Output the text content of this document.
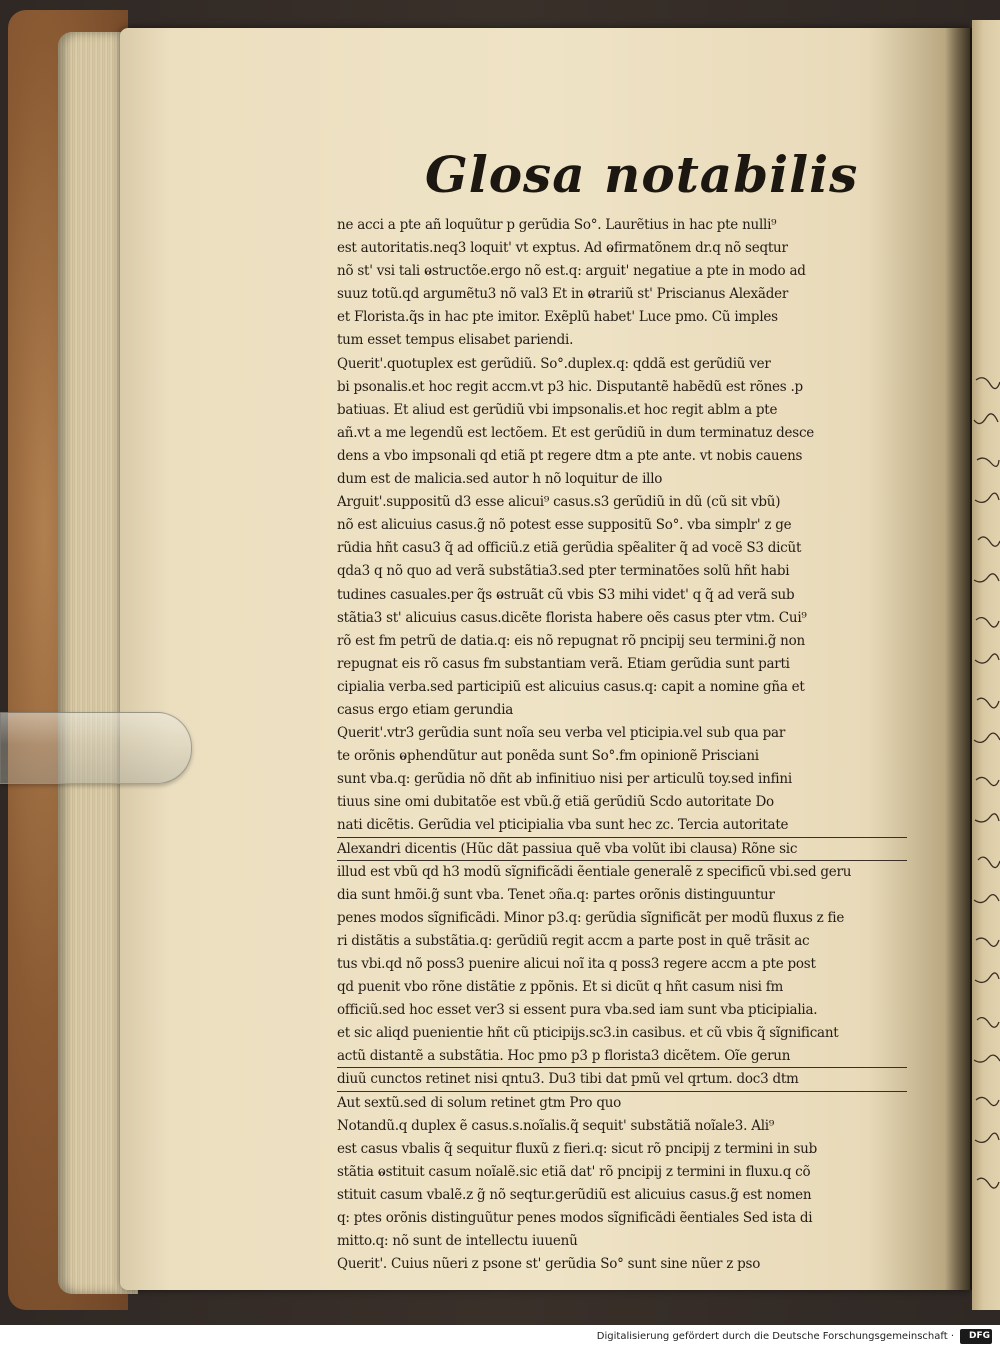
Glosa notabilis
ne acci a pte añ loquũtur p gerũdia So°. Laurẽtius in hac pte nulli⁹
est autoritatis.neq3 loquit' vt exptus. Ad ⱺfirmatõnem dr.q nõ seqtur
nõ st' vsi tali ⱺstructõe.ergo nõ est.q: arguit' negatiue a pte in modo ad
suuz totũ.qd argumẽtu3 nõ val3 Et in ⱺtrariũ st' Priscianus Alexãder
et Florista.q̃s in hac pte imitor. Exẽplũ habet' Luce pmo. Cũ imples
tum esset tempus elisabet pariendi.
Querit'.quotuplex est gerũdiũ. So°.duplex.q: qddã est gerũdiũ ver
bi psonalis.et hoc regit accm.vt p3 hic. Disputantẽ habẽdũ est rõnes .p
batiuas. Et aliud est gerũdiũ vbi impsonalis.et hoc regit ablm a pte
añ.vt a me legendũ est lectõem. Et est gerũdiũ in dum terminatuz desce
dens a vbo impsonali qd etiã pt regere dtm a pte ante. vt nobis cauens
dum est de malicia.sed autor h nõ loquitur de illo
Arguit'.suppositũ d3 esse alicui⁹ casus.s3 gerũdiũ in dũ (cũ sit vbũ)
nõ est alicuius casus.g̃ nõ potest esse suppositũ So°. vba simplr' z ge
rũdia hñt casu3 q̃ ad officiũ.z etiã gerũdia spẽaliter q̃ ad vocẽ S3 dicũt
qda3 q nõ quo ad verã substãtia3.sed pter terminatões solũ hñt habi
tudines casuales.per q̃s ⱺstruãt cũ vbis S3 mihi videt' q q̃ ad verã sub
stãtia3 st' alicuius casus.dicẽte florista habere oẽs casus pter vtm. Cui⁹
rõ est fm petrũ de datia.q: eis nõ repugnat rõ pncipij seu termini.g̃ non
repugnat eis rõ casus fm substantiam verã. Etiam gerũdia sunt parti
cipialia verba.sed participiũ est alicuius casus.q: capit a nomine gña et
casus ergo etiam gerundia
Querit'.vtr3 gerũdia sunt noĩa seu verba vel pticipia.vel sub qua par
te orõnis ⱺphendũtur aut ponẽda sunt So°.fm opinionẽ Prisciani
sunt vba.q: gerũdia nõ dñt ab infinitiuo nisi per articulũ toy.sed infini
tiuus sine omi dubitatõe est vbũ.g̃ etiã gerũdiũ Scdo autoritate Do
nati dicẽtis. Gerũdia vel pticipialia vba sunt hec zc. Tercia autoritate
Alexandri dicentis (Hũc dãt passiua quẽ vba volũt ibi clausa) Rõne sic
illud est vbũ qd h3 modũ sĩgnificãdi ẽentiale generalẽ z specificũ vbi.sed geru
dia sunt hmõi.g̃ sunt vba. Tenet ɔña.q: partes orõnis distinguuntur
penes modos sĩgnificãdi. Minor p3.q: gerũdia sĩgnificãt per modũ fluxus z fie
ri distãtis a substãtia.q: gerũdiũ regit accm a parte post in quẽ trãsit ac
tus vbi.qd nõ poss3 puenire alicui noĩ ita q poss3 regere accm a pte post
qd puenit vbo rõne distãtie z ppõnis. Et si dicũt q hñt casum nisi fm
officiũ.sed hoc esset ver3 si essent pura vba.sed iam sunt vba pticipialia.
et sic aliqd puenientie hñt cũ pticipijs.sc3.in casibus. et cũ vbis q̃ sĩgnificant
actũ distantẽ a substãtia. Hoc pmo p3 p florista3 dicẽtem. Oĩe gerun
diuũ cunctos retinet nisi qntu3. Du3 tibi dat pmũ vel qrtum. doc3 dtm
Aut sextũ.sed di solum retinet gtm Pro quo
Notandũ.q duplex ẽ casus.s.noĩalis.q̃ sequit' substãtiã noĩale3. Ali⁹
est casus vbalis q̃ sequitur fluxũ z fieri.q: sicut rõ pncipij z termini in sub
stãtia ⱺstituit casum noĩalẽ.sic etiã dat' rõ pncipij z termini in fluxu.q cõ
stituit casum vbalẽ.z g̃ nõ seqtur.gerũdiũ est alicuius casus.g̃ est nomen
q: ptes orõnis distinguũtur penes modos sĩgnificãdi ẽentiales Sed ista di
mitto.q: nõ sunt de intellectu iuuenũ
Querit'. Cuius nũeri z psone st' gerũdia So° sunt sine nũer z pso
Digitalisierung gefördert durch die Deutsche Forschungsgemeinschaft · DFG
